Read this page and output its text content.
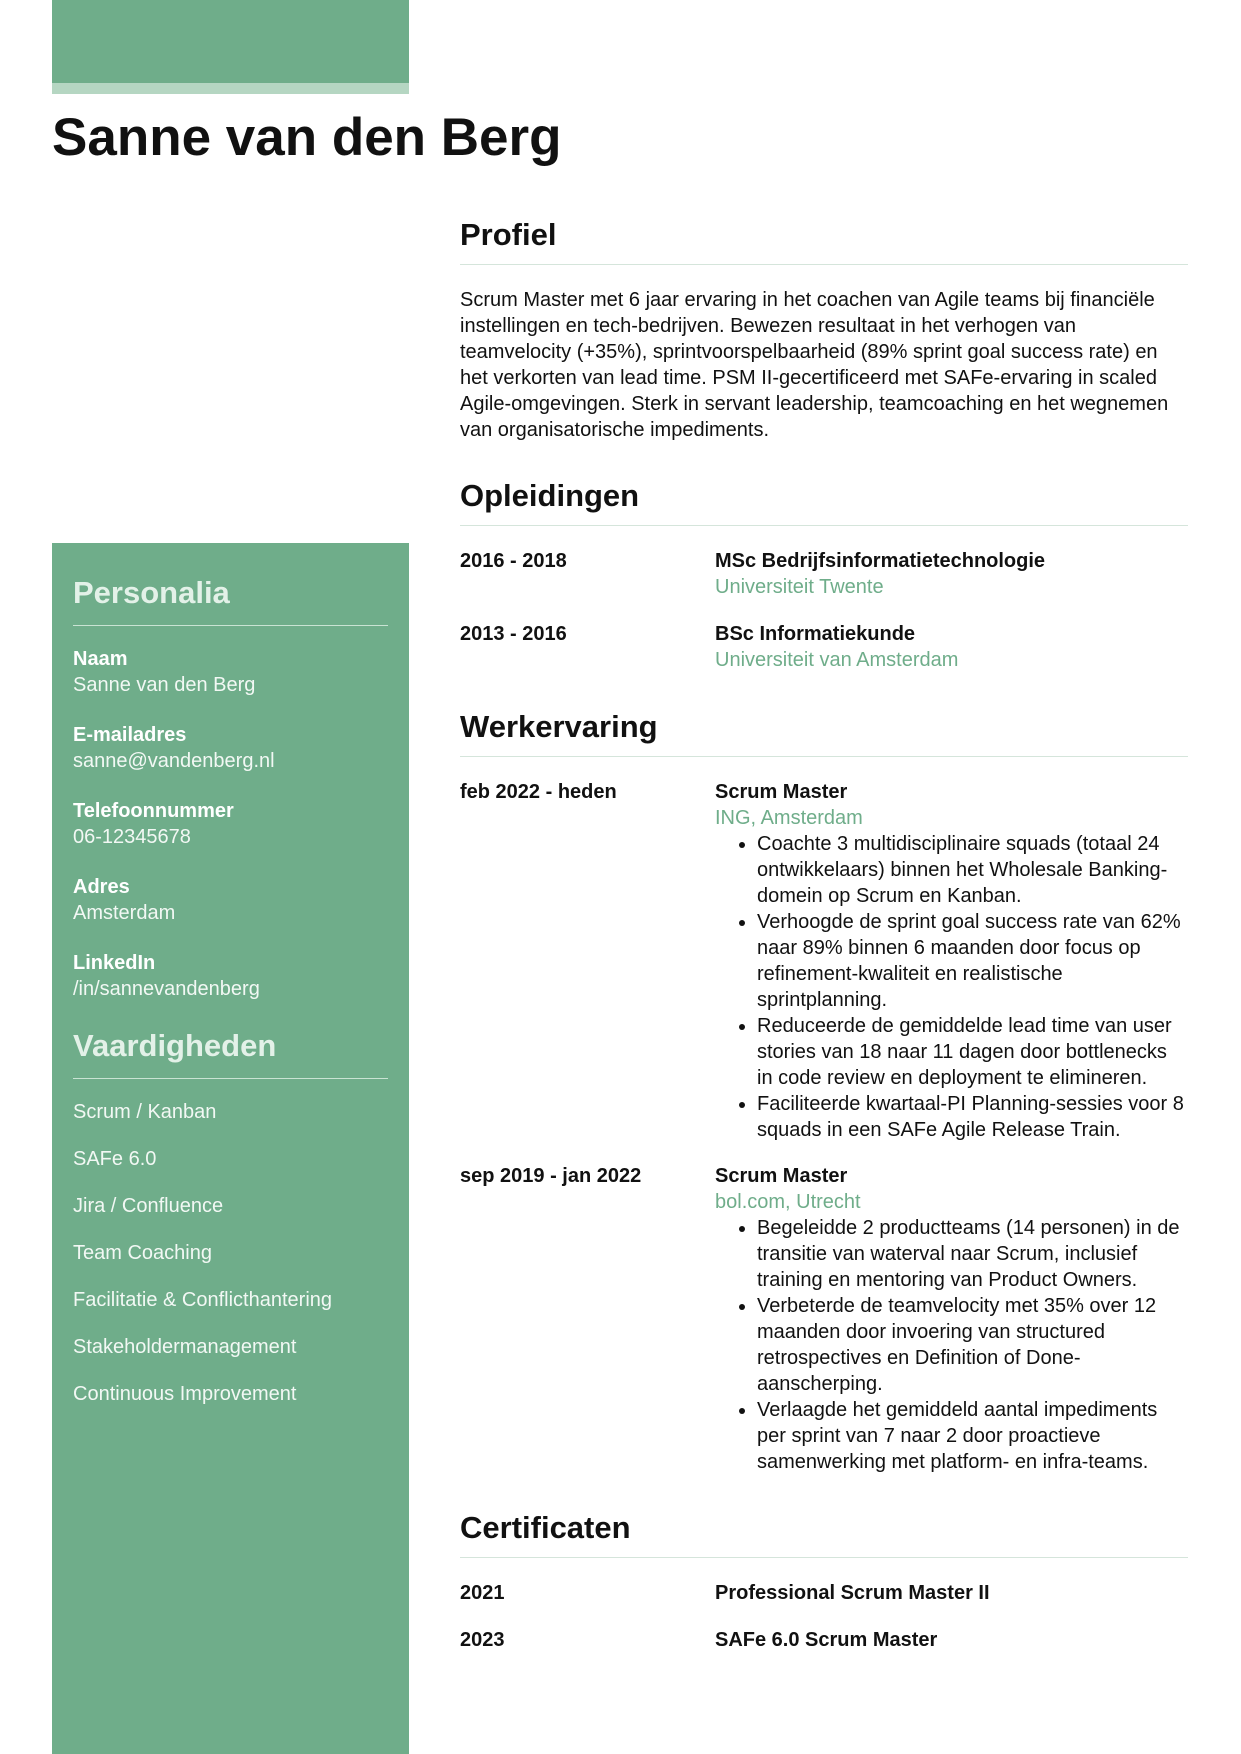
Sanne van den Berg
Personalia
Naam
Sanne van den Berg
E-mailadres
sanne@vandenberg.nl
Telefoonnummer
06-12345678
Adres
Amsterdam
LinkedIn
/in/sannevandenberg
Vaardigheden
Scrum / Kanban
SAFe 6.0
Jira / Confluence
Team Coaching
Facilitatie & Conflicthantering
Stakeholdermanagement
Continuous Improvement
Profiel

Scrum Master met 6 jaar ervaring in het coachen van Agile teams bij financiële instellingen en tech-bedrijven. Bewezen resultaat in het verhogen van teamvelocity (+35%), sprintvoorspelbaarheid (89% sprint goal success rate) en het verkorten van lead time. PSM II-gecertificeerd met SAFe-ervaring in scaled Agile-omgevingen. Sterk in servant leadership, teamcoaching en het wegnemen van organisatorische impediments.

Opleidingen
2016 - 2018	MSc Bedrijfsinformatietechnologie
Universiteit Twente
2013 - 2016	BSc Informatiekunde
Universiteit van Amsterdam
Werkervaring
feb 2022 - heden	Scrum Master
ING, Amsterdam
• Coachte 3 multidisciplinaire squads (totaal 24 ontwikkelaars) binnen het Wholesale Banking-domein op Scrum en Kanban.
• Verhoogde de sprint goal success rate van 62% naar 89% binnen 6 maanden door focus op refinement-kwaliteit en realistische sprintplanning.
• Reduceerde de gemiddelde lead time van user stories van 18 naar 11 dagen door bottlenecks in code review en deployment te elimineren.
• Faciliteerde kwartaal-PI Planning-sessies voor 8 squads in een SAFe Agile Release Train.
sep 2019 - jan 2022	Scrum Master
bol.com, Utrecht
• Begeleidde 2 productteams (14 personen) in de transitie van waterval naar Scrum, inclusief training en mentoring van Product Owners.
• Verbeterde de teamvelocity met 35% over 12 maanden door invoering van structured retrospectives en Definition of Done-aanscherping.
• Verlaagde het gemiddeld aantal impediments per sprint van 7 naar 2 door proactieve samenwerking met platform- en infra-teams.
Certificaten
2021	Professional Scrum Master II
2023	SAFe 6.0 Scrum Master
